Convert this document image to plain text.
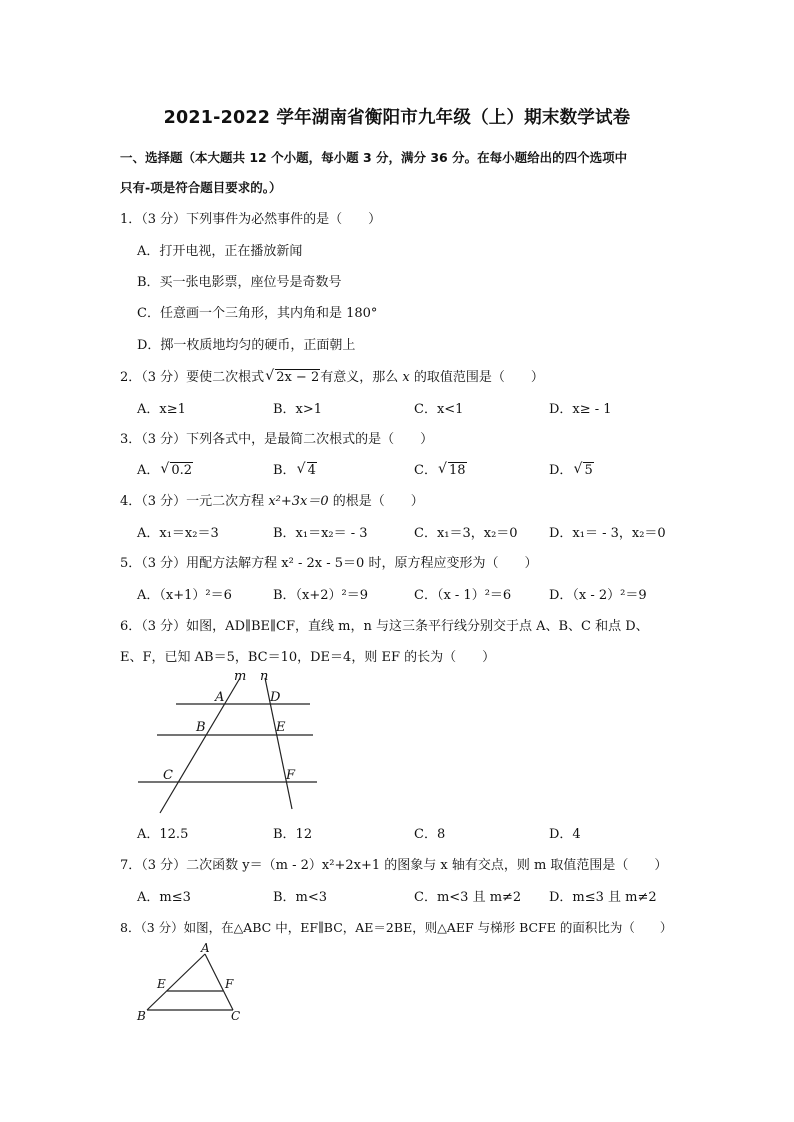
2021-2022 学年湖南省衡阳市九年级（上）期末数学试卷
一、选择题（本大题共 12 个小题，每小题 3 分，满分 36 分。在每小题给出的四个选项中
只有-项是符合题目要求的。）
1．（3 分）下列事件为必然事件的是（　　）
A．打开电视，正在播放新闻
B．买一张电影票，座位号是奇数号
C．任意画一个三角形，其内角和是 180°
D．掷一枚质地均匀的硬币，正面朝上
2．（3 分）要使二次根式 √ 2x − 2有意义，那么 x 的取值范围是（　　）
A．x≥1	B．x>1	C．x<1	D．x≥ - 1
3．（3 分）下列各式中，是最简二次根式的是（　　）
A． √ 0.2	B． √ 4	C． √ 18	D． √ 5
4．（3 分）一元二次方程 x²+3x＝0 的根是（　　）
A．x₁＝x₂＝3	B．x₁＝x₂＝ - 3	C．x₁＝3，x₂＝0 D．x₁＝ - 3，x₂＝0
5．（3 分）用配方法解方程 x² - 2x - 5＝0 时，原方程应变形为（　　）
A．（x+1）²＝6	B．（x+2）²＝9	C．（x - 1）²＝6	D．（x - 2）²＝9
6．（3 分）如图，AD∥BE∥CF，直线 m，n 与这三条平行线分别交于点 A、B、C 和点 D、
E、F，已知 AB＝5，BC＝10，DE＝4，则 EF 的长为（　　）
m n
A	D
B	E
C	F
A．12.5	B．12	C．8	D．4
7．（3 分）二次函数 y＝（m - 2）x²+2x+1 的图象与 x 轴有交点，则 m 取值范围是（　　）
A．m≤3	B．m<3	C．m<3 且 m≠2 D．m≤3 且 m≠2
8．（3 分）如图，在△ABC 中，EF∥BC，AE＝2BE，则△AEF 与梯形 BCFE 的面积比为（　　）
A
E	F
B	C
